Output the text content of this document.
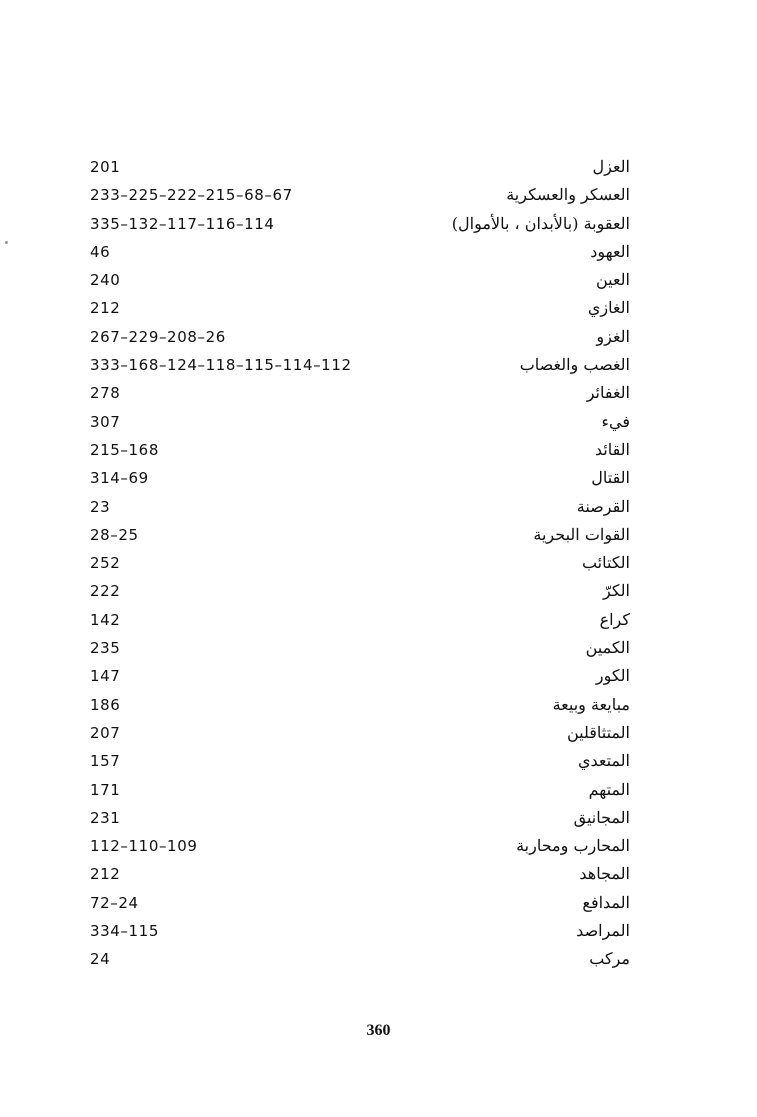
201	العزل
233–225–222–215–68–67	العسكر والعسكرية
335–132–117–116–114	العقوبة (بالأبدان ، بالأموال)
46	العهود
240	العين
212	الغازي
267–229–208–26	الغزو
333–168–124–118–115–114–112	الغصب والغصاب
278	الغفائر
307	فيء
215–168	القائد
314–69	القتال
23	القرصنة
28–25	القوات البحرية
252	الكتائب
222	الكرّ
142	كراع
235	الكمين
147	الكور
186	مبايعة وبيعة
207	المتثاقلين
157	المتعدي
171	المتهم
231	المجانيق
112–110–109	المحارب ومحاربة
212	المجاهد
72–24	المدافع
334–115	المراصد
24	مركب
360
